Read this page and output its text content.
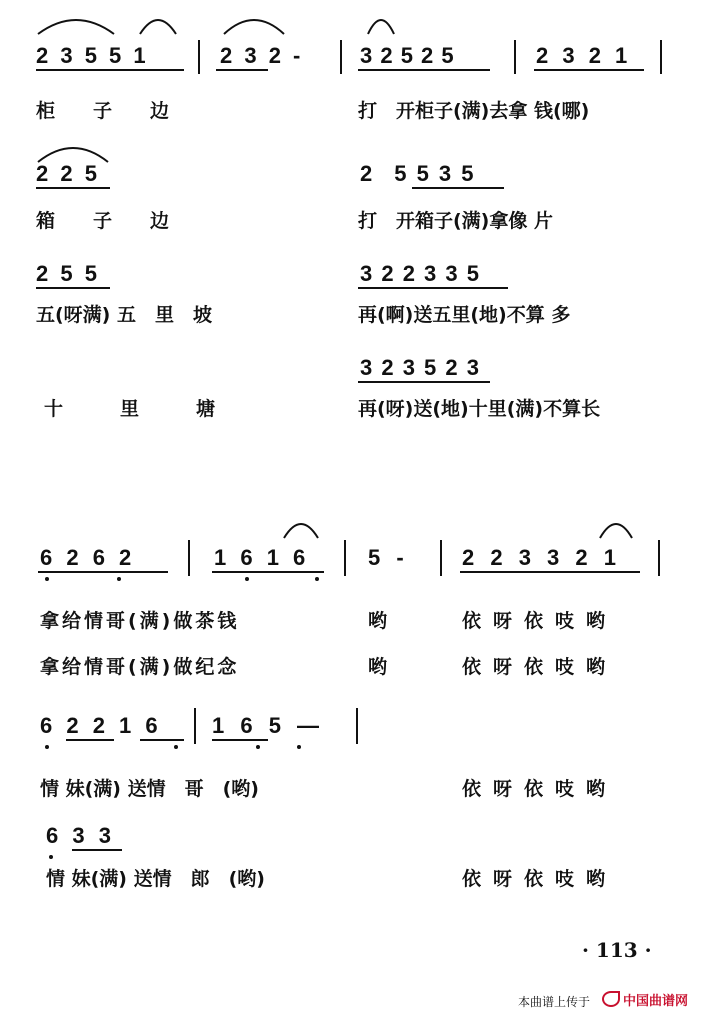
2 3 5 5 1	2 3 2 -	3 2 5 2 5	2 3 2 1
柜　　子　　边	打　开柜子(满)去拿 钱(哪)
2 2 5	2　5 5 3 5
箱　　子　　边	打　开箱子(满)拿像 片
2 5 5	3 2 2 3 3 5
五(呀满) 五　里　坡	再(啊)送五里(地)不算 多
3 2 3 5 2 3
十　　　里　　　塘	再(呀)送(地)十里(满)不算长
6 2 6 2	1 6 1 6	5 -	2 2 3 3 2 1
拿给情哥(满)做茶钱	哟	依呀依吱哟
拿给情哥(满)做纪念	哟	依呀依吱哟
6 2 2 1 6 1 6 5 —
情 妹(满) 送情　哥　(哟)	依呀依吱哟
6 3 3
情 妹(满) 送情　郎　(哟)	依呀依吱哟
· 113 ·
本曲谱上传于	中国曲谱网
